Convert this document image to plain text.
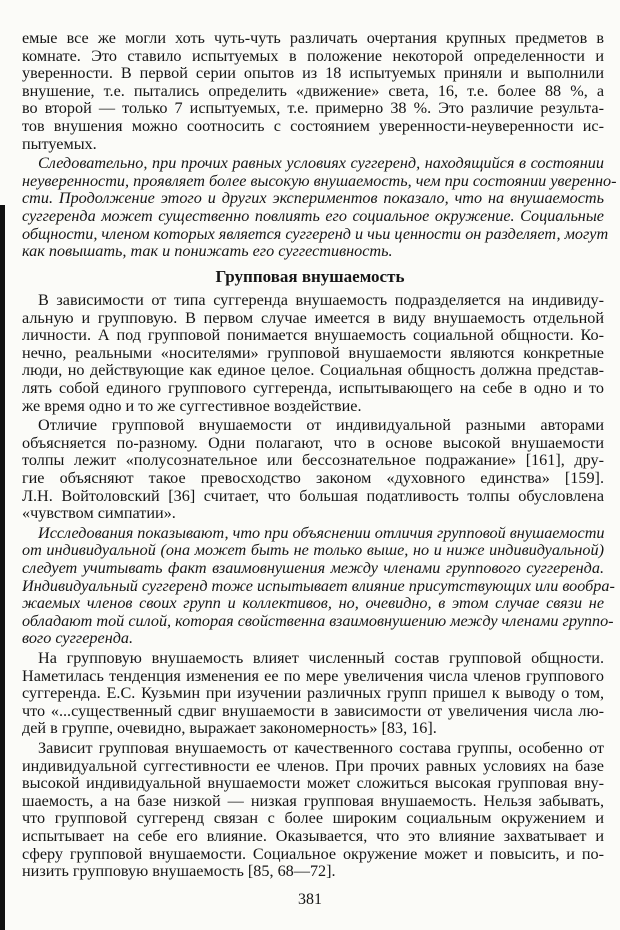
емые все же могли хоть чуть-чуть различать очертания крупных предметов в
комнате. Это ставило испытуемых в положение некоторой определенности и
уверенности. В первой серии опытов из 18 испытуемых приняли и выполнили
внушение, т.е. пытались определить «движение» света, 16, т.е. более 88 %, а
во второй — только 7 испытуемых, т.е. примерно 38 %. Это различие результа-
тов внушения можно соотносить с состоянием уверенности-неуверенности ис-
пытуемых.
Следовательно, при прочих равных условиях суггеренд, находящийся в состоянии
неуверенности, проявляет более высокую внушаемость, чем при состоянии уверенно-
сти. Продолжение этого и других экспериментов показало, что на внушаемость
суггеренда может существенно повлиять его социальное окружение. Социальные
общности, членом которых является суггеренд и чьи ценности он разделяет, могут
как повышать, так и понижать его суггестивность.
В зависимости от типа суггеренда внушаемость подразделяется на индивиду-
альную и групповую. В первом случае имеется в виду внушаемость отдельной
личности. А под групповой понимается внушаемость социальной общности. Ко-
нечно, реальными «носителями» групповой внушаемости являются конкретные
люди, но действующие как единое целое. Социальная общность должна представ-
лять собой единого группового суггеренда, испытывающего на себе в одно и то
же время одно и то же суггестивное воздействие.
Отличие групповой внушаемости от индивидуальной разными авторами
объясняется по-разному. Одни полагают, что в основе высокой внушаемости
толпы лежит «полусознательное или бессознательное подражание» [161], дру-
гие объясняют такое превосходство законом «духовного единства» [159].
Л.Н. Войтоловский [36] считает, что большая податливость толпы обусловлена
«чувством симпатии».
Исследования показывают, что при объяснении отличия групповой внушаемости
от индивидуальной (она может быть не только выше, но и ниже индивидуальной)
следует учитывать факт взаимовнушения между членами группового суггеренда.
Индивидуальный суггеренд тоже испытывает влияние присутствующих или вообра-
жаемых членов своих групп и коллективов, но, очевидно, в этом случае связи не
обладают той силой, которая свойственна взаимовнушению между членами группо-
вого суггеренда.
На групповую внушаемость влияет численный состав групповой общности.
Наметилась тенденция изменения ее по мере увеличения числа членов группового
суггеренда. Е.С. Кузьмин при изучении различных групп пришел к выводу о том,
что «...существенный сдвиг внушаемости в зависимости от увеличения числа лю-
дей в группе, очевидно, выражает закономерность» [83, 16].
Зависит групповая внушаемость от качественного состава группы, особенно от
индивидуальной суггестивности ее членов. При прочих равных условиях на базе
высокой индивидуальной внушаемости может сложиться высокая групповая вну-
шаемость, а на базе низкой — низкая групповая внушаемость. Нельзя забывать,
что групповой суггеренд связан с более широким социальным окружением и
испытывает на себе его влияние. Оказывается, что это влияние захватывает и
сферу групповой внушаемости. Социальное окружение может и повысить, и по-
низить групповую внушаемость [85, 68—72].
Групповая внушаемость
381
